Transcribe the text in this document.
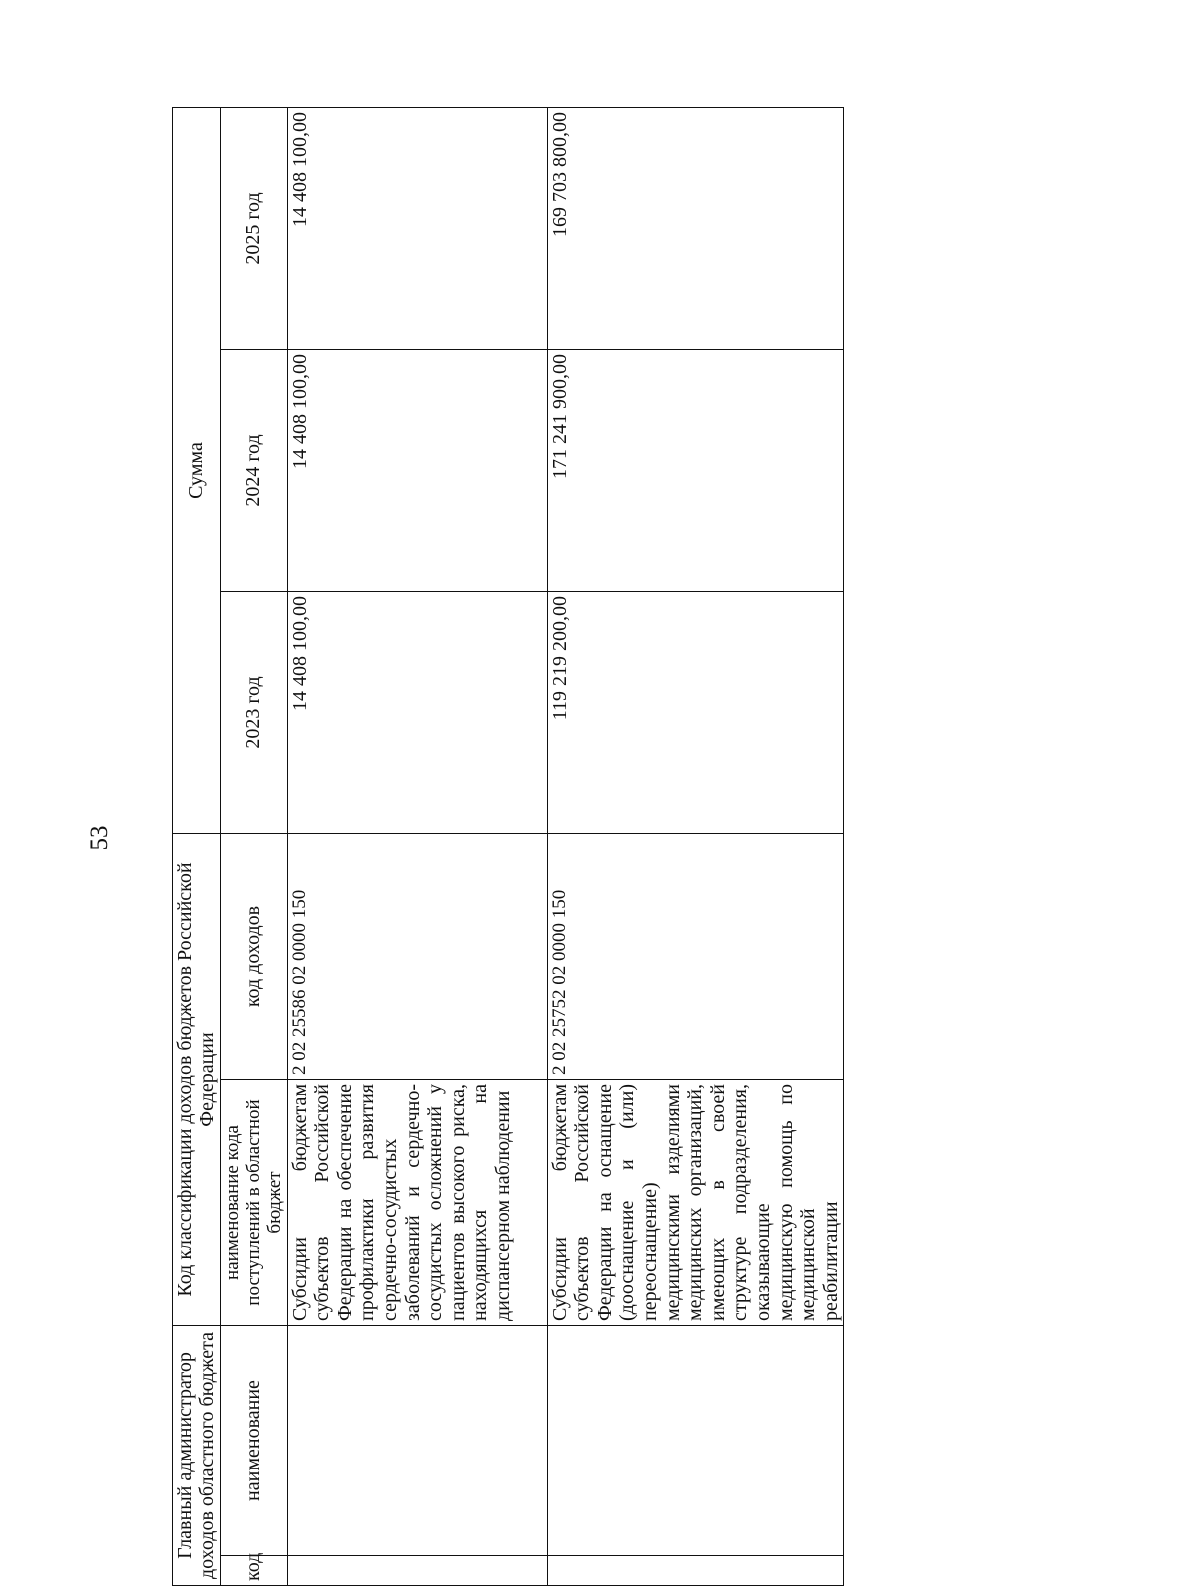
53
Главный администратор доходов областного бюджета		Код классификации доходов бюджетов Российской Федерации		Сумма		
код	наименование	наименование кода поступлений в областной бюджет	код доходов	2023 год	2024 год	2025 год
		Субсидии бюджетам субъектов Российской Федерации на обеспечение профилактики развития сердечно-сосудистых заболеваний и сердечно-сосудистых осложнений у пациентов высокого риска, находящихся на диспансерном наблюдении	2 02 25586 02 0000 150	14 408 100,00	14 408 100,00	14 408 100,00
		Субсидии бюджетам субъектов Российской Федерации на оснащение (дооснащение и (или) переоснащение) медицинскими изделиями медицинских организаций, имеющих в своей структуре подразделения, оказывающие медицинскую помощь по медицинской реабилитации	2 02 25752 02 0000 150	119 219 200,00	171 241 900,00	169 703 800,00
